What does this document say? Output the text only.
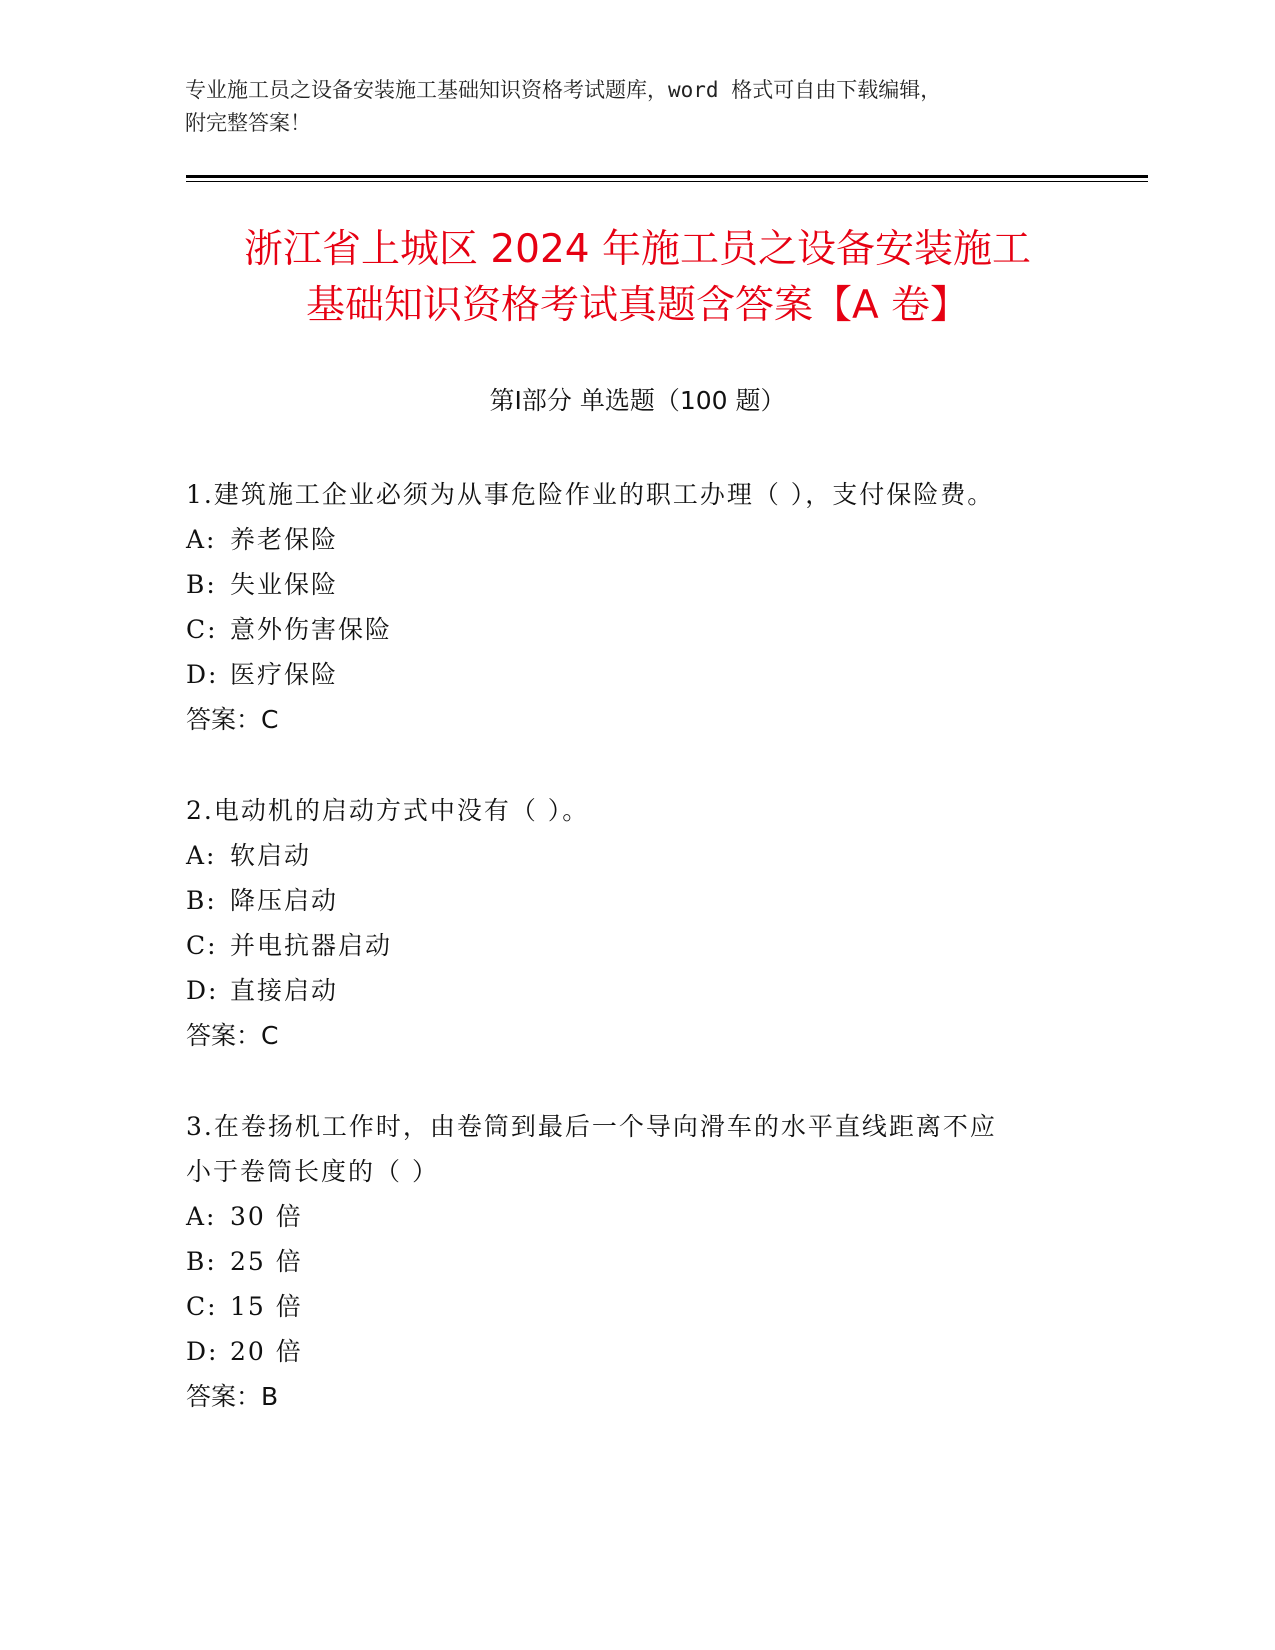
专业施工员之设备安装施工基础知识资格考试题库，word 格式可自由下载编辑，
附完整答案！
浙江省上城区 2024 年施工员之设备安装施工
基础知识资格考试真题含答案【A 卷】
第Ⅰ部分 单选题（100 题）
1.建筑施工企业必须为从事危险作业的职工办理（ ），支付保险费。
A: 养老保险
B: 失业保险
C: 意外伤害保险
D: 医疗保险
答案：C
2.电动机的启动方式中没有（ ）。
A: 软启动
B: 降压启动
C: 并电抗器启动
D: 直接启动
答案：C
3.在卷扬机工作时，由卷筒到最后一个导向滑车的水平直线距离不应
小于卷筒长度的（ ）
A: 30 倍
B: 25 倍
C: 15 倍
D: 20 倍
答案：B
